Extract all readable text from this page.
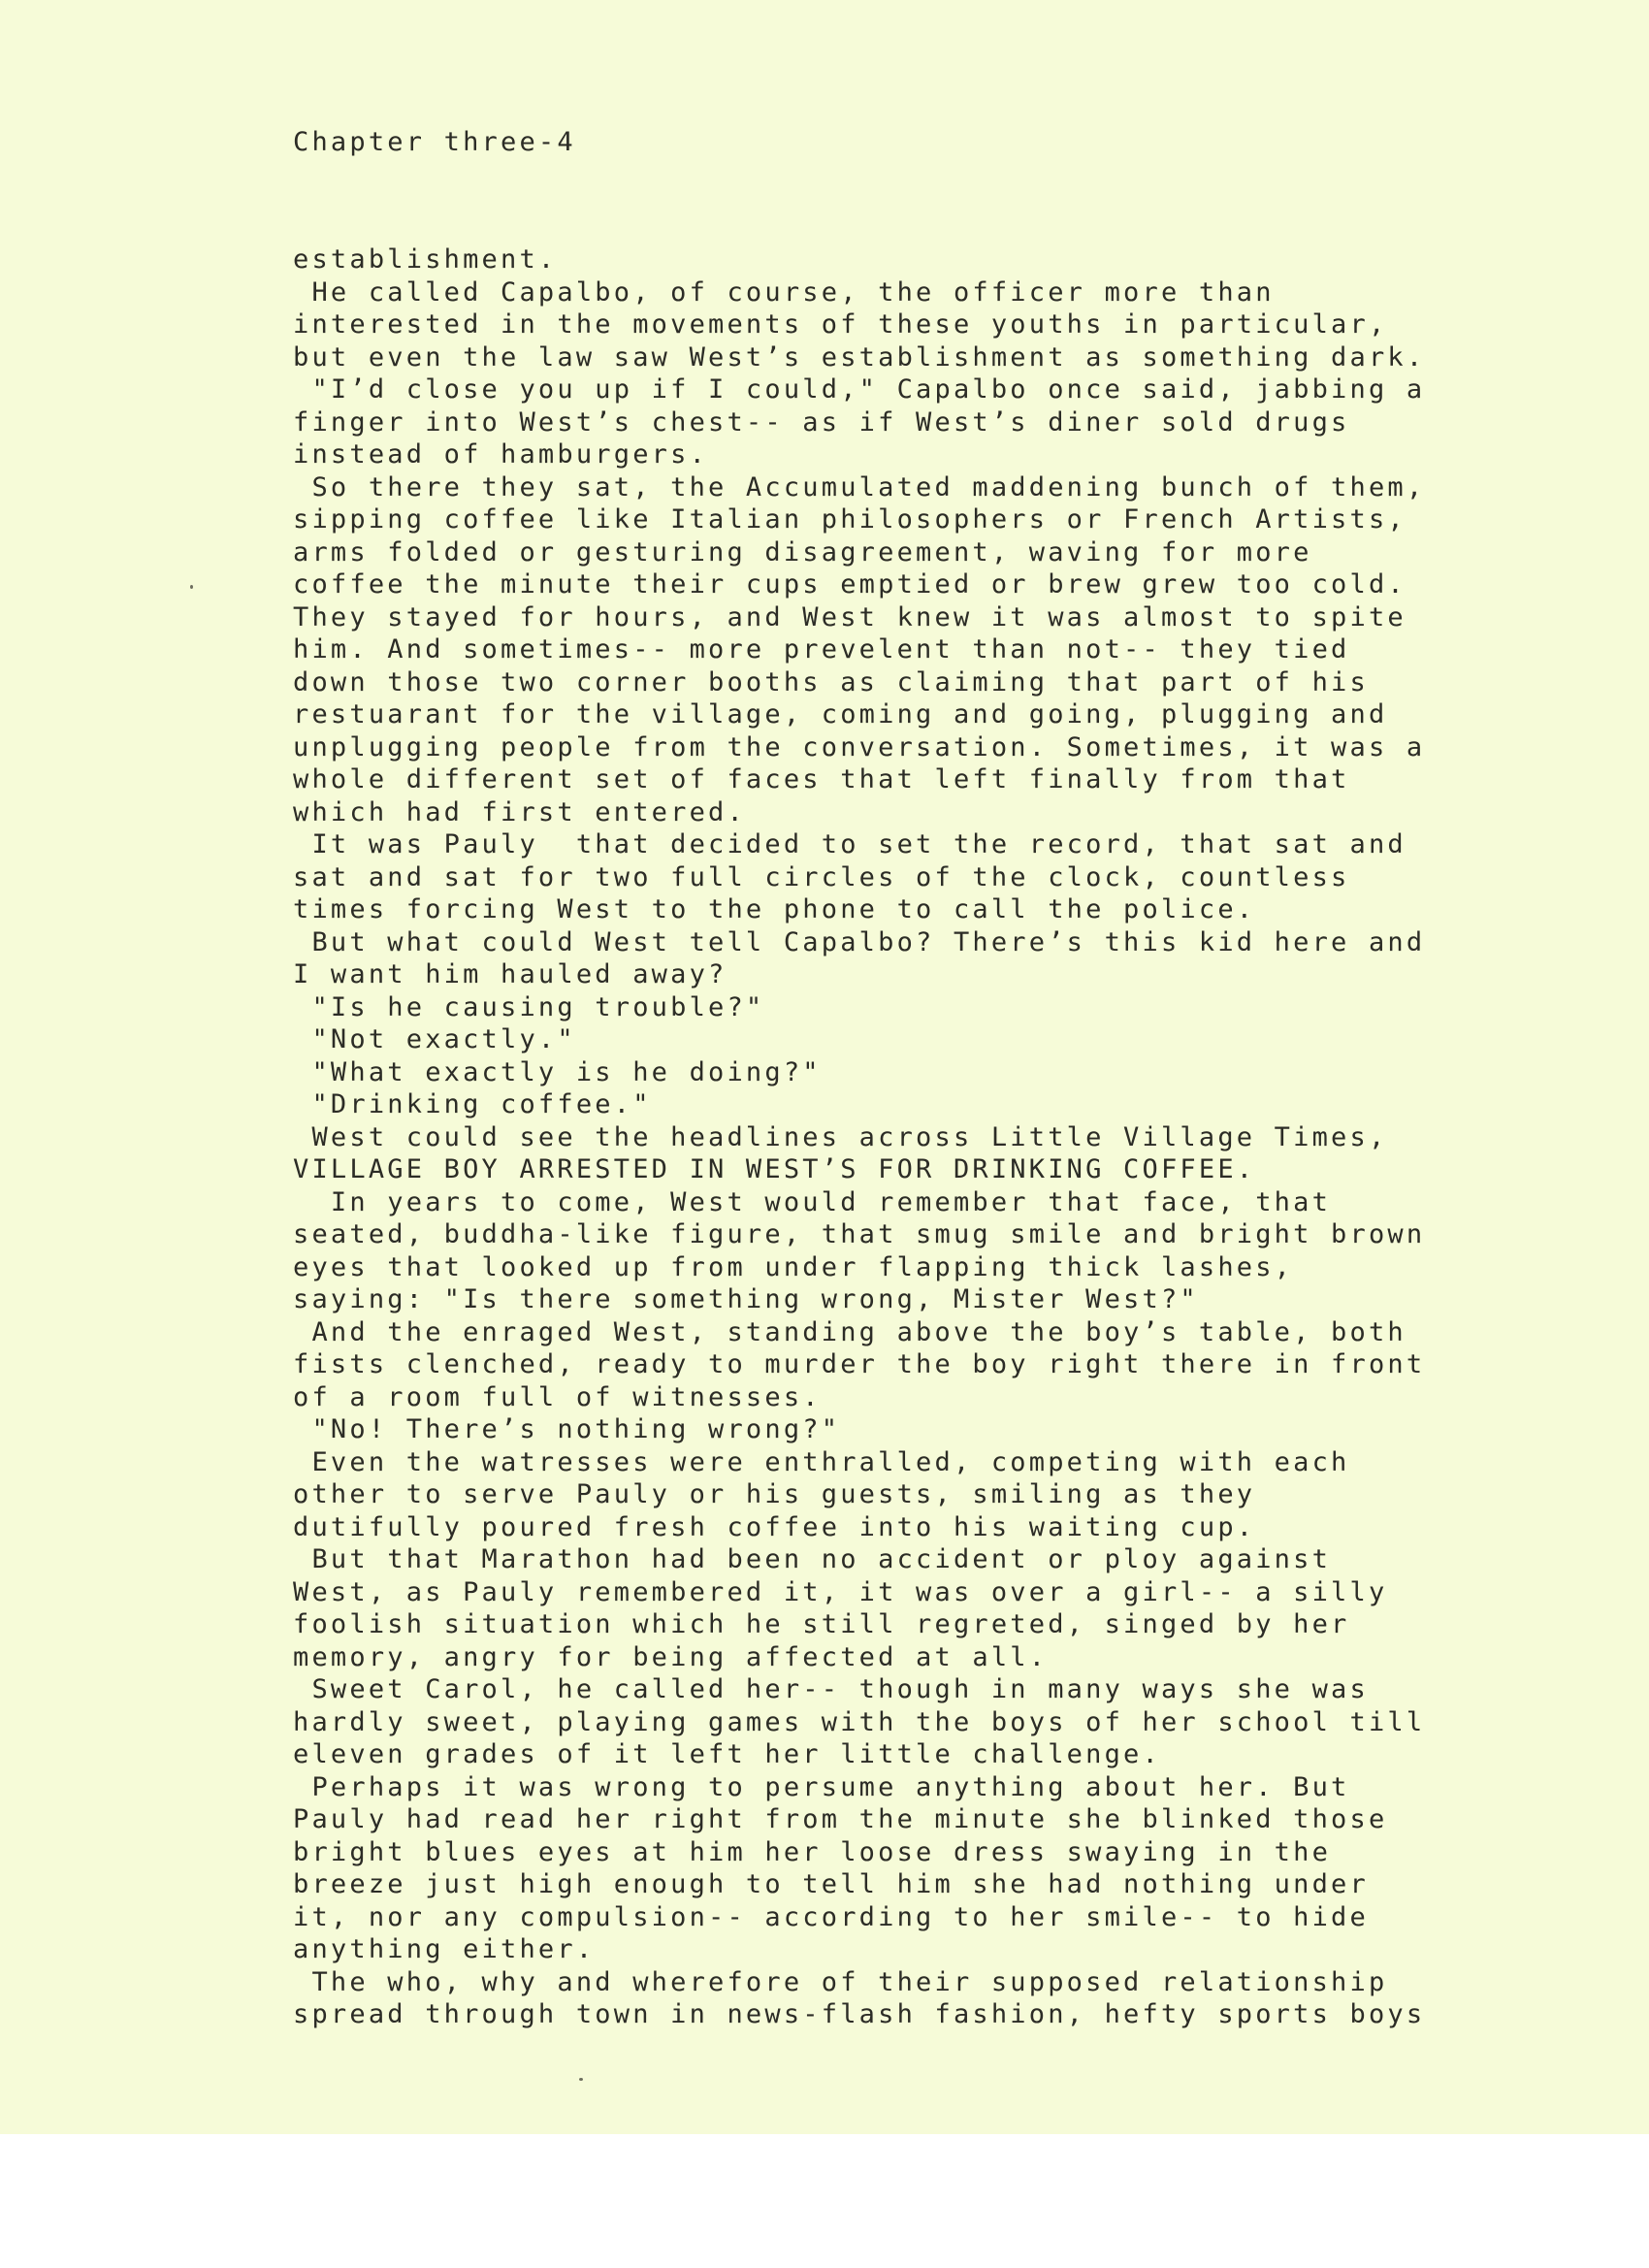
Chapter three-4
establishment.
He called Capalbo, of course, the officer more than
interested in the movements of these youths in particular,
but even the law saw West’s establishment as something dark.
"I’d close you up if I could," Capalbo once said, jabbing a
finger into West’s chest-- as if West’s diner sold drugs
instead of hamburgers.
So there they sat, the Accumulated maddening bunch of them,
sipping coffee like Italian philosophers or French Artists,
arms folded or gesturing disagreement, waving for more
coffee the minute their cups emptied or brew grew too cold.
They stayed for hours, and West knew it was almost to spite
him. And sometimes-- more prevelent than not-- they tied
down those two corner booths as claiming that part of his
restuarant for the village, coming and going, plugging and
unplugging people from the conversation. Sometimes, it was a
whole different set of faces that left finally from that
which had first entered.
It was Pauly  that decided to set the record, that sat and
sat and sat for two full circles of the clock, countless
times forcing West to the phone to call the police.
But what could West tell Capalbo? There’s this kid here and
I want him hauled away?
"Is he causing trouble?"
"Not exactly."
"What exactly is he doing?"
"Drinking coffee."
West could see the headlines across Little Village Times,
VILLAGE BOY ARRESTED IN WEST’S FOR DRINKING COFFEE.
In years to come, West would remember that face, that
seated, buddha-like figure, that smug smile and bright brown
eyes that looked up from under flapping thick lashes,
saying: "Is there something wrong, Mister West?"
And the enraged West, standing above the boy’s table, both
fists clenched, ready to murder the boy right there in front
of a room full of witnesses.
"No! There’s nothing wrong?"
Even the watresses were enthralled, competing with each
other to serve Pauly or his guests, smiling as they
dutifully poured fresh coffee into his waiting cup.
But that Marathon had been no accident or ploy against
West, as Pauly remembered it, it was over a girl-- a silly
foolish situation which he still regreted, singed by her
memory, angry for being affected at all.
Sweet Carol, he called her-- though in many ways she was
hardly sweet, playing games with the boys of her school till
eleven grades of it left her little challenge.
Perhaps it was wrong to persume anything about her. But
Pauly had read her right from the minute she blinked those
bright blues eyes at him her loose dress swaying in the
breeze just high enough to tell him she had nothing under
it, nor any compulsion-- according to her smile-- to hide
anything either.
The who, why and wherefore of their supposed relationship
spread through town in news-flash fashion, hefty sports boys
